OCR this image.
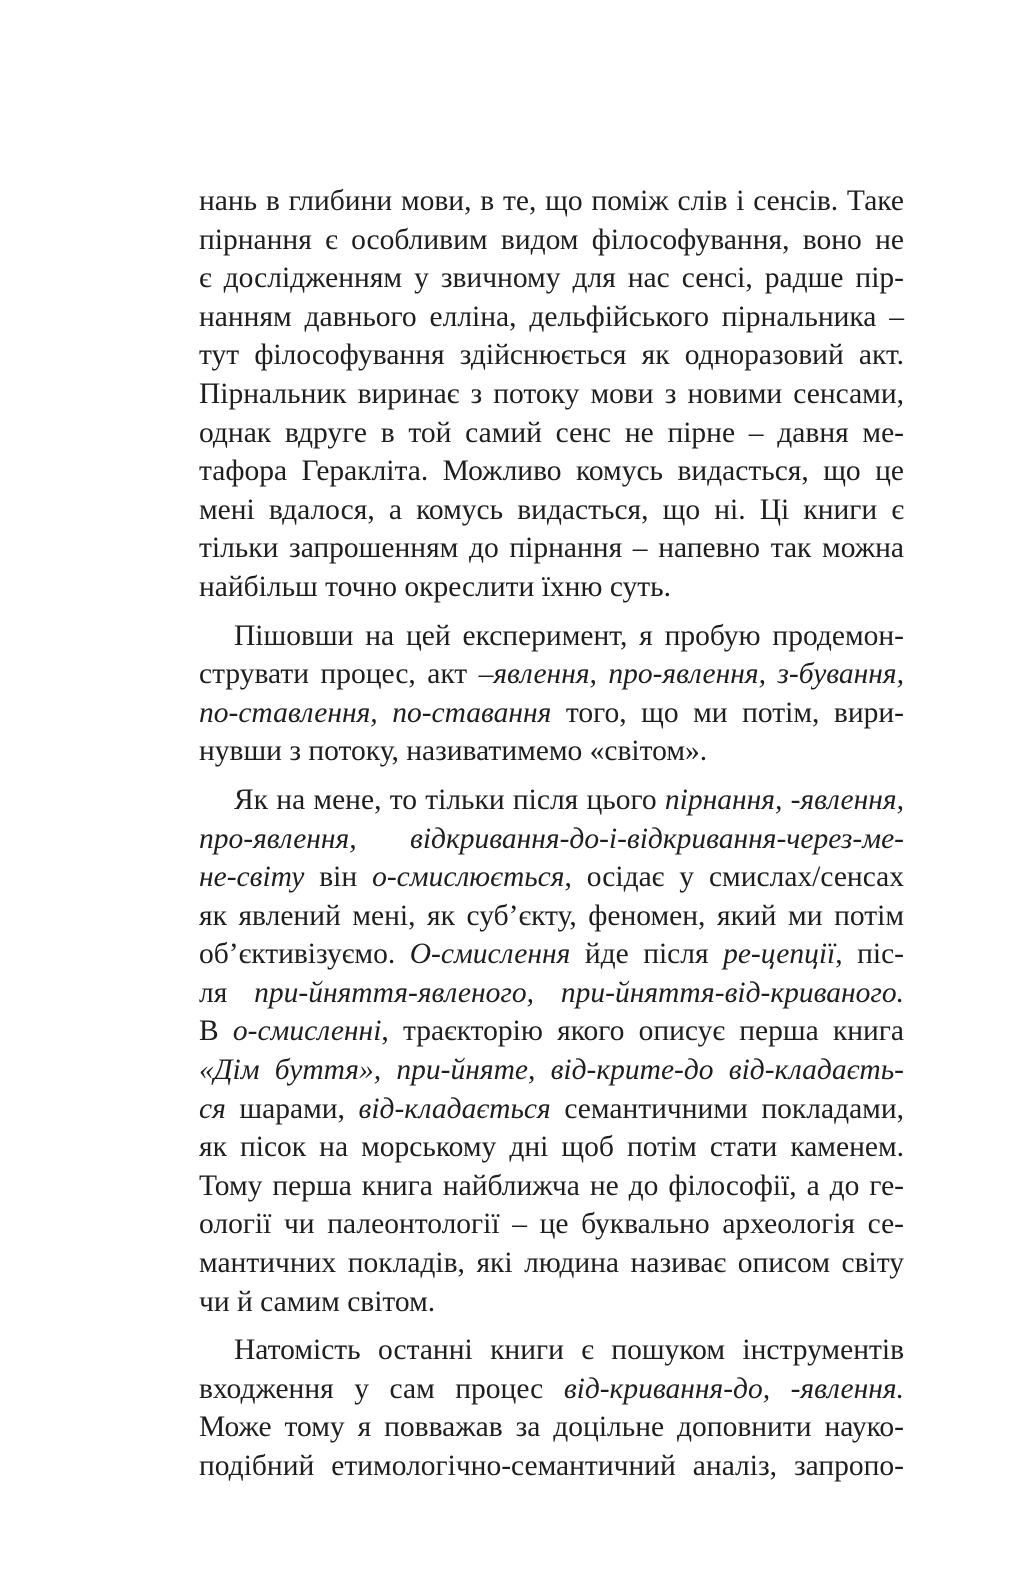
нань в глибини мови, в те, що поміж слів і сенсів. Таке
пірнання є особливим видом філософування, воно не
є дослідженням у звичному для нас сенсі, радше пір-
нанням давнього елліна, дельфійського пірнальника –
тут філософування здійснюється як одноразовий акт.
Пірнальник виринає з потоку мови з новими сенсами,
однак вдруге в той самий сенс не пірне – давня ме-
тафора Геракліта. Можливо комусь видасться, що це
мені вдалося, а комусь видасться, що ні. Ці книги є
тільки запрошенням до пірнання – напевно так можна
найбільш точно окреслити їхню суть.
Пішовши на цей експеримент, я пробую продемон-
струвати процес, акт –явлення, про-явлення, з-бування,
по-ставлення, по-ставання того, що ми потім, вири-
нувши з потоку, називатимемо «світом».
Як на мене, то тільки після цього пірнання, -явлення,
про-явлення, відкривання-до-і-відкривання-через-ме-
не-світу він о-смислюється, осідає у смислах/сенсах
як явлений мені, як суб’єкту, феномен, який ми потім
об’єктивізуємо. О-смислення йде після ре-цепції, піс-
ля при-йняття-явленого, при-йняття-від-криваного.
В о-смисленні, траєкторію якого описує перша книга
«Дім буття», при-йняте, від-крите-до від-кладаєть-
ся шарами, від-кладається семантичними покладами,
як пісок на морському дні щоб потім стати каменем.
Тому перша книга найближча не до філософії, а до ге-
ології чи палеонтології – це буквально археологія се-
мантичних покладів, які людина називає описом світу
чи й самим світом.
Натомість останні книги є пошуком інструментів
входження у сам процес від-кривання-до, -явлення.
Може тому я повважав за доцільне доповнити науко-
подібний етимологічно-семантичний аналіз, запропо-
